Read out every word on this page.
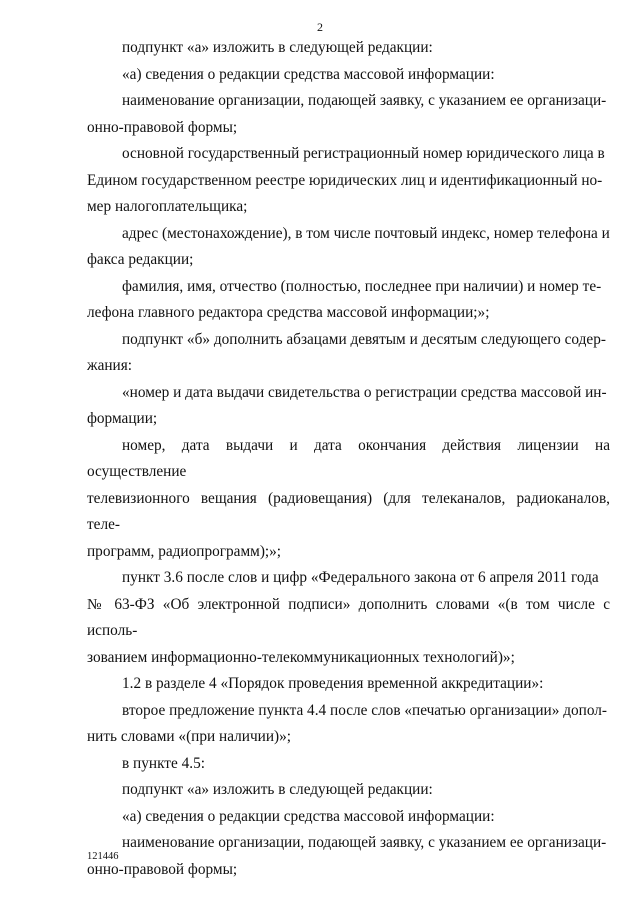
2

подпункт «а» изложить в следующей редакции:

«а) сведения о редакции средства массовой информации:

наименование организации, подающей заявку, с указанием ее организаци-
онно-правовой формы;

основной государственный регистрационный номер юридического лица в
Едином государственном реестре юридических лиц и идентификационный но-
мер налогоплательщика;

адрес (местонахождение), в том числе почтовый индекс, номер телефона и
факса редакции;

фамилия, имя, отчество (полностью, последнее при наличии) и номер те-
лефона главного редактора средства массовой информации;»;

подпункт «б» дополнить абзацами девятым и десятым следующего содер-
жания:

«номер и дата выдачи свидетельства о регистрации средства массовой ин-
формации;

номер, дата выдачи и дата окончания действия лицензии на осуществление
телевизионного вещания (радиовещания) (для телеканалов, радиоканалов, теле-
программ, радиопрограмм);»;

пункт 3.6 после слов и цифр «Федерального закона от 6 апреля 2011 года
№ 63-ФЗ «Об электронной подписи» дополнить словами «(в том числе с исполь-
зованием информационно-телекоммуникационных технологий)»;

1.2 в разделе 4 «Порядок проведения временной аккредитации»:

второе предложение пункта 4.4 после слов «печатью организации» допол-
нить словами «(при наличии)»;

в пункте 4.5:

подпункт «а» изложить в следующей редакции:

«а) сведения о редакции средства массовой информации:

наименование организации, подающей заявку, с указанием ее организаци-
онно-правовой формы;

121446
